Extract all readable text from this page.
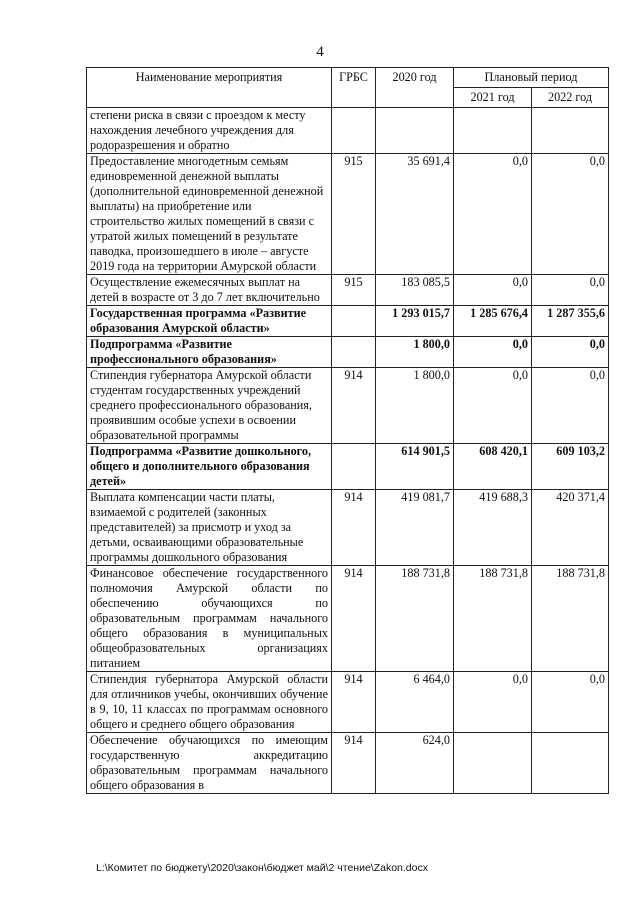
4
Наименование мероприятия	ГРБС	2020 год	Плановый период	
			2021 год	2022 год
степени риска в связи с проездом к месту нахождения лечебного учреждения для родоразрешения и обратно				
Предоставление многодетным семьям единовременной денежной выплаты (дополнительной единовременной денежной выплаты) на приобретение или строительство жилых помещений в связи с утратой жилых помещений в результате паводка, произошедшего в июле – августе 2019 года на территории Амурской области	915	35 691,4	0,0	0,0
Осуществление ежемесячных выплат на детей в возрасте от 3 до 7 лет включительно	915	183 085,5	0,0	0,0
Государственная программа «Развитие образования Амурской области»		1 293 015,7	1 285 676,4	1 287 355,6
Подпрограмма «Развитие профессионального образования»		1 800,0	0,0	0,0
Стипендия губернатора Амурской области студентам государственных учреждений среднего профессионального образования, проявившим особые успехи в освоении образовательной программы	914	1 800,0	0,0	0,0
Подпрограмма «Развитие дошкольного, общего и дополнительного образования детей»		614 901,5	608 420,1	609 103,2
Выплата компенсации части платы, взимаемой с родителей (законных представителей) за присмотр и уход за детьми, осваивающими образовательные программы дошкольного образования	914	419 081,7	419 688,3	420 371,4
Финансовое обеспечение государственного полномочия Амурской области по обеспечению обучающихся по образовательным программам начального общего образования в муниципальных общеобразовательных организациях питанием	914	188 731,8	188 731,8	188 731,8
Стипендия губернатора Амурской области для отличников учебы, окончивших обучение в 9, 10, 11 классах по программам основного общего и среднего общего образования	914	6 464,0	0,0	0,0
Обеспечение обучающихся по имеющим государственную аккредитацию образовательным программам начального общего образования в	914	624,0		
L:\Комитет по бюджету\2020\закон\бюджет май\2 чтение\Zakon.docx
